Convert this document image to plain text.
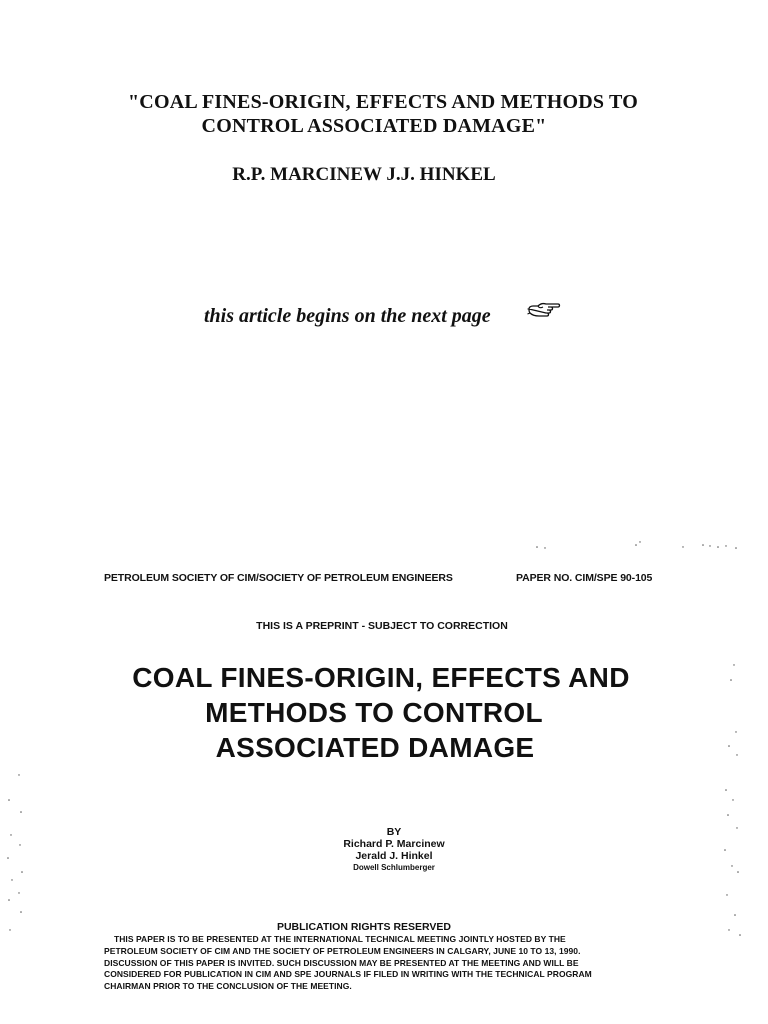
"COAL FINES-ORIGIN, EFFECTS AND METHODS TO
CONTROL ASSOCIATED DAMAGE"
R.P. MARCINEW J.J. HINKEL
this article begins on the next page
PETROLEUM SOCIETY OF CIM/SOCIETY OF PETROLEUM ENGINEERS	PAPER NO. CIM/SPE 90-105
THIS IS A PREPRINT - SUBJECT TO CORRECTION
COAL FINES-ORIGIN, EFFECTS AND
METHODS TO CONTROL
ASSOCIATED DAMAGE
BY
Richard P. Marcinew
Jerald J. Hinkel
Dowell Schlumberger
PUBLICATION RIGHTS RESERVED
THIS PAPER IS TO BE PRESENTED AT THE INTERNATIONAL TECHNICAL MEETING JOINTLY HOSTED BY THE
PETROLEUM SOCIETY OF CIM AND THE SOCIETY OF PETROLEUM ENGINEERS IN CALGARY, JUNE 10 TO 13, 1990.
DISCUSSION OF THIS PAPER IS INVITED. SUCH DISCUSSION MAY BE PRESENTED AT THE MEETING AND WILL BE
CONSIDERED FOR PUBLICATION IN CIM AND SPE JOURNALS IF FILED IN WRITING WITH THE TECHNICAL PROGRAM
CHAIRMAN PRIOR TO THE CONCLUSION OF THE MEETING.
